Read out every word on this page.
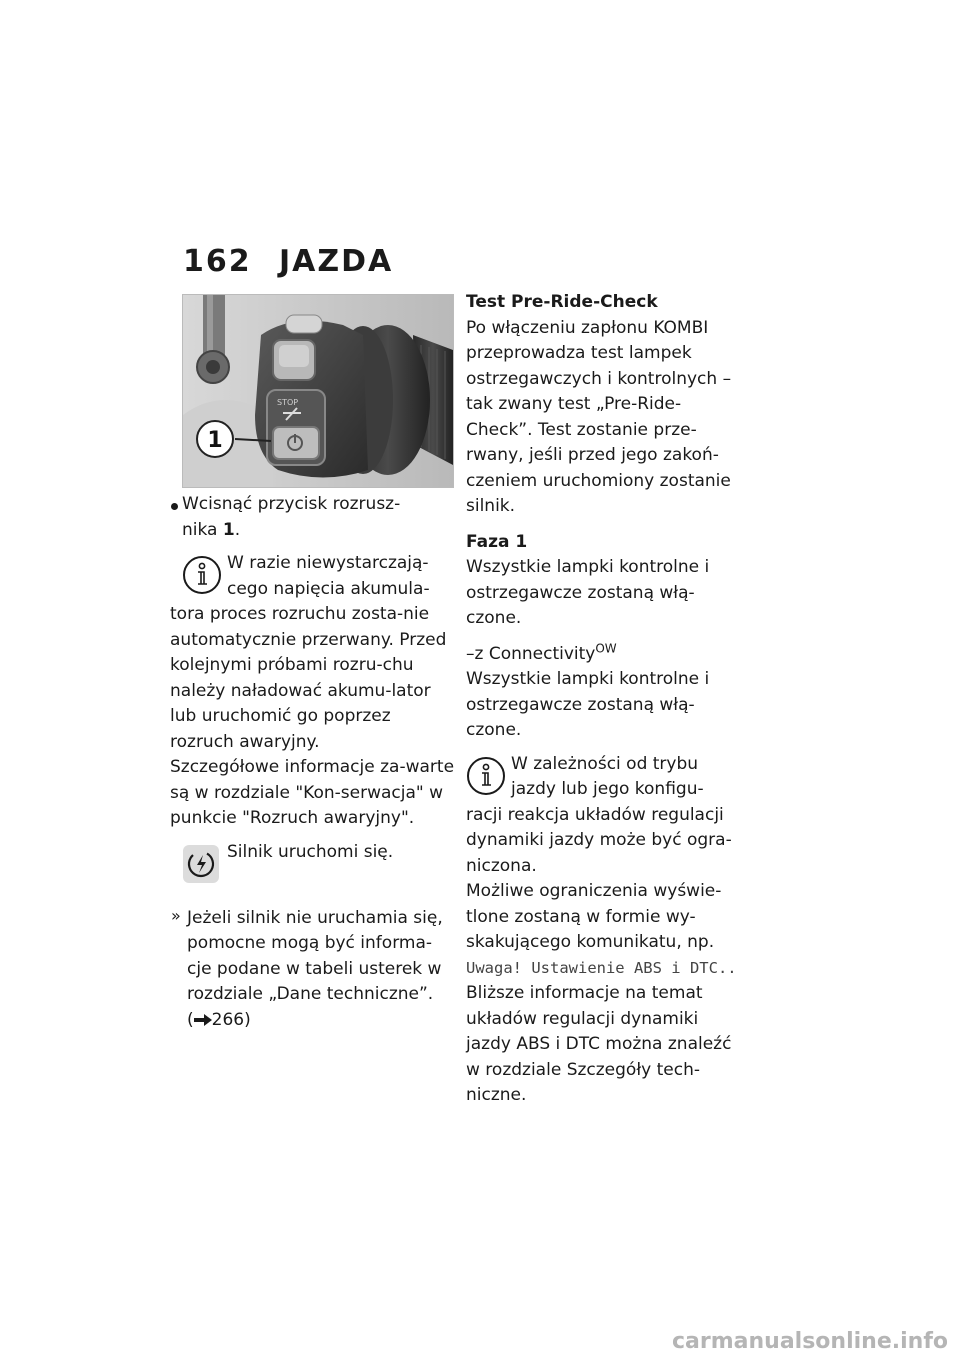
162 JAZDA
STOP
1

Wcisnąć przycisk rozrusz-nika 1.

W razie niewystarczają-

cego napięcia akumula-

tora proces rozruchu zosta-nie automatycznie przerwany. Przed kolejnymi próbami rozru-chu należy naładować akumu-lator lub uruchomić go poprzez rozruch awaryjny.

Szczegółowe informacje za-warte są w rozdziale "Kon-serwacja" w punkcie "Rozruch awaryjny".

Silnik uruchomi się.

» Jeżeli silnik nie uruchamia się, pomocne mogą być informa-cje podane w tabeli usterek w rozdziale „Dane techniczne”.
( 266)

Test Pre-Ride-Check

Po włączeniu zapłonu KOMBI przeprowadza test lampek ostrzegawczych i kontrolnych – tak zwany test „Pre-Ride-Check”. Test zostanie prze-rwany, jeśli przed jego zakoń-czeniem uruchomiony zostanie silnik.

Faza 1

Wszystkie lampki kontrolne i ostrzegawcze zostaną włą-czone.

–z Connectivity$^{OW}$

Wszystkie lampki kontrolne i ostrzegawcze zostaną włą-czone.

W zależności od trybu

jazdy lub jego konfigu-

racji reakcja układów regulacji dynamiki jazdy może być ogra-niczona.

Możliwe ograniczenia wyświe-tlone zostaną w formie wy-skakującego komunikatu, np.

Uwaga! Ustawienie ABS i DTC..

Bliższe informacje na temat układów regulacji dynamiki jazdy ABS i DTC można znaleźć w rozdziale Szczegóły tech-niczne.

carmanualsonline.info
